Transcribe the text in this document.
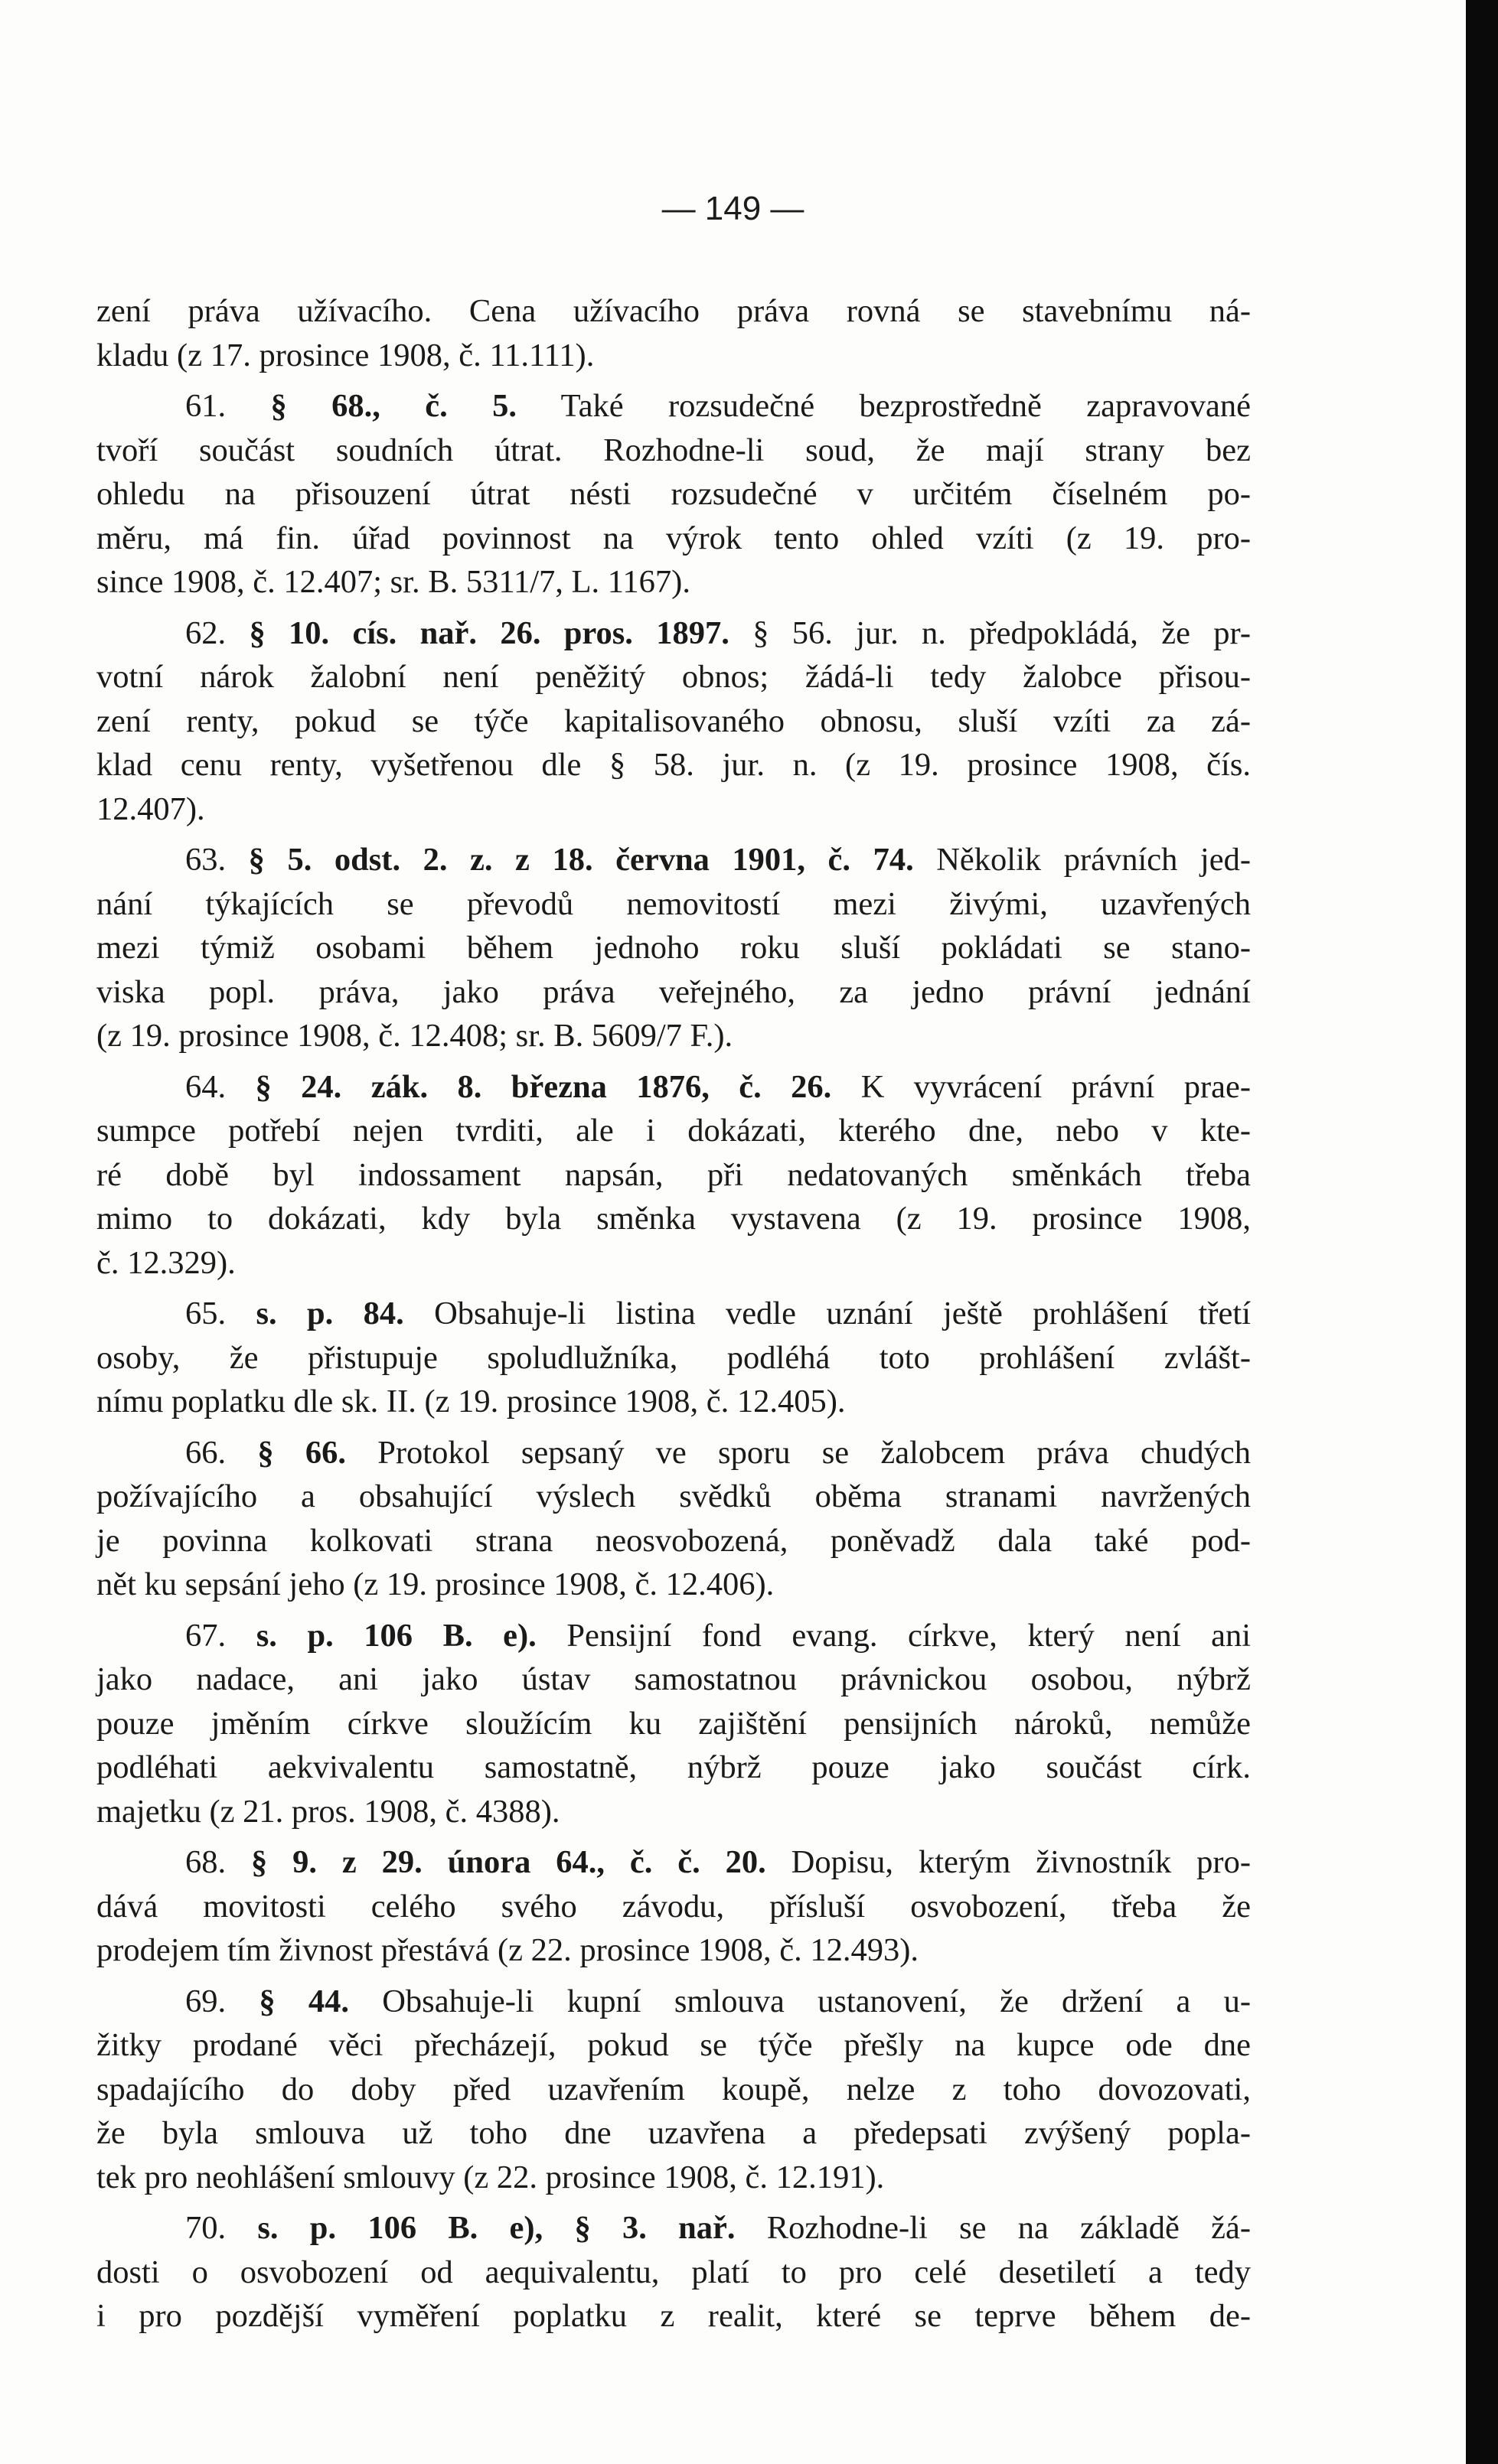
— 149 —
zení práva užívacího. Cena užívacího práva rovná se stavebnímu ná-
kladu (z 17. prosince 1908, č. 11.111).
61. § 68., č. 5. Také rozsudečné bezprostředně zapravované
tvoří součást soudních útrat. Rozhodne-li soud, že mají strany bez
ohledu na přisouzení útrat nésti rozsudečné v určitém číselném po-
měru, má fin. úřad povinnost na výrok tento ohled vzíti (z 19. pro-
since 1908, č. 12.407; sr. B. 5311/7, L. 1167).
62. § 10. cís. nař. 26. pros. 1897. § 56. jur. n. předpokládá, že pr-
votní nárok žalobní není peněžitý obnos; žádá-li tedy žalobce přisou-
zení renty, pokud se týče kapitalisovaného obnosu, sluší vzíti za zá-
klad cenu renty, vyšetřenou dle § 58. jur. n. (z 19. prosince 1908, čís.
12.407).
63. § 5. odst. 2. z. z 18. června 1901, č. 74. Několik právních jed-
nání týkajících se převodů nemovitostí mezi živými, uzavřených
mezi týmiž osobami během jednoho roku sluší pokládati se stano-
viska popl. práva, jako práva veřejného, za jedno právní jednání
(z 19. prosince 1908, č. 12.408; sr. B. 5609/7 F.).
64. § 24. zák. 8. března 1876, č. 26. K vyvrácení právní prae-
sumpce potřebí nejen tvrditi, ale i dokázati, kterého dne, nebo v kte-
ré době byl indossament napsán, při nedatovaných směnkách třeba
mimo to dokázati, kdy byla směnka vystavena (z 19. prosince 1908,
č. 12.329).
65. s. p. 84. Obsahuje-li listina vedle uznání ještě prohlášení třetí
osoby, že přistupuje spoludlužníka, podléhá toto prohlášení zvlášt-
nímu poplatku dle sk. II. (z 19. prosince 1908, č. 12.405).
66. § 66. Protokol sepsaný ve sporu se žalobcem práva chudých
požívajícího a obsahující výslech svědků oběma stranami navržených
je povinna kolkovati strana neosvobozená, poněvadž dala také pod-
nět ku sepsání jeho (z 19. prosince 1908, č. 12.406).
67. s. p. 106 B. e). Pensijní fond evang. církve, který není ani
jako nadace, ani jako ústav samostatnou právnickou osobou, nýbrž
pouze jměním církve sloužícím ku zajištění pensijních nároků, nemůže
podléhati aekvivalentu samostatně, nýbrž pouze jako součást círk.
majetku (z 21. pros. 1908, č. 4388).
68. § 9. z 29. února 64., č. č. 20. Dopisu, kterým živnostník pro-
dává movitosti celého svého závodu, přísluší osvobození, třeba že
prodejem tím živnost přestává (z 22. prosince 1908, č. 12.493).
69. § 44. Obsahuje-li kupní smlouva ustanovení, že držení a u-
žitky prodané věci přecházejí, pokud se týče přešly na kupce ode dne
spadajícího do doby před uzavřením koupě, nelze z toho dovozovati,
že byla smlouva už toho dne uzavřena a předepsati zvýšený popla-
tek pro neohlášení smlouvy (z 22. prosince 1908, č. 12.191).
70. s. p. 106 B. e), § 3. nař. Rozhodne-li se na základě žá-
dosti o osvobození od aequivalentu, platí to pro celé desetiletí a tedy
i pro pozdější vyměření poplatku z realit, které se teprve během de-
